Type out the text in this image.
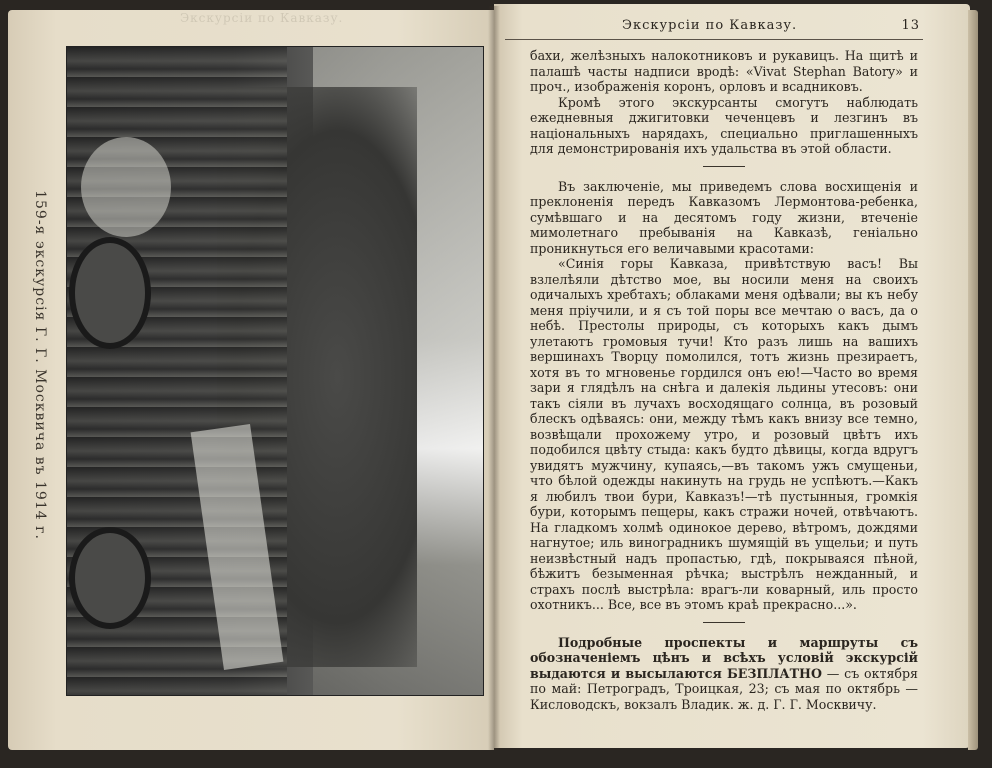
Экскурсіи по Кавказу.
159-я экскурсія Г. Г. Москвича въ 1914 г.
Экскурсіи по Кавказу.	13

бахи, желѣзныхъ налокотниковъ и рукавицъ. На щитѣ и палашѣ часты надписи вродѣ: «Vivat Stephan Batory» и проч., изображенія коронъ, орловъ и всадниковъ.

Кромѣ этого экскурсанты смогутъ наблюдать ежедневныя джигитовки чеченцевъ и лезгинъ въ національныхъ нарядахъ, специально приглашенныхъ для демонстрированія ихъ удальства въ этой области.

Въ заключеніе, мы приведемъ слова восхищенія и преклоненія передъ Кавказомъ Лермонтова-ребенка, сумѣвшаго и на десятомъ году жизни, втеченіе мимолетнаго пребыванія на Кавказѣ, геніально проникнуться его величавыми красотами:

«Синія горы Кавказа, привѣтствую васъ! Вы взлелѣяли дѣтство мое, вы носили меня на своихъ одичалыхъ хребтахъ; облаками меня одѣвали; вы къ небу меня пріучили, и я съ той поры все мечтаю о васъ, да о небѣ. Престолы природы, съ которыхъ какъ дымъ улетаютъ громовыя тучи! Кто разъ лишь на вашихъ вершинахъ Творцу помолился, тотъ жизнь презираетъ, хотя въ то мгновенье гордился онъ ею!—Часто во время зари я глядѣлъ на снѣга и далекія льдины утесовъ: они такъ сіяли въ лучахъ восходящаго солнца, въ розовый блескъ одѣваясь: они, между тѣмъ какъ внизу все темно, возвѣщали прохожему утро, и розовый цвѣтъ ихъ подобился цвѣту стыда: какъ будто дѣвицы, когда вдругъ увидятъ мужчину, купаясь,—въ такомъ ужъ смущеньи, что бѣлой одежды накинуть на грудь не успѣютъ.—Какъ я любилъ твои бури, Кавказъ!—тѣ пустынныя, громкія бури, которымъ пещеры, какъ стражи ночей, отвѣчаютъ. На гладкомъ холмѣ одинокое дерево, вѣтромъ, дождями нагнутое; иль виноградникъ шумящій въ ущельи; и путь неизвѣстный надъ пропастью, гдѣ, покрываяся пѣной, бѣжитъ безыменная рѣчка; выстрѣлъ нежданный, и страхъ послѣ выстрѣла: врагъ-ли коварный, иль просто охотникъ... Все, все въ этомъ краѣ прекрасно...».

Подробные проспекты и маршруты съ обозначеніемъ цѣнъ и всѣхъ условій экскурсій выдаются и высылаются БЕЗПЛАТНО — съ октября по май: Петроградъ, Троицкая, 23; съ мая по октябрь — Кисловодскъ, вокзалъ Владик. ж. д. Г. Г. Москвичу.
